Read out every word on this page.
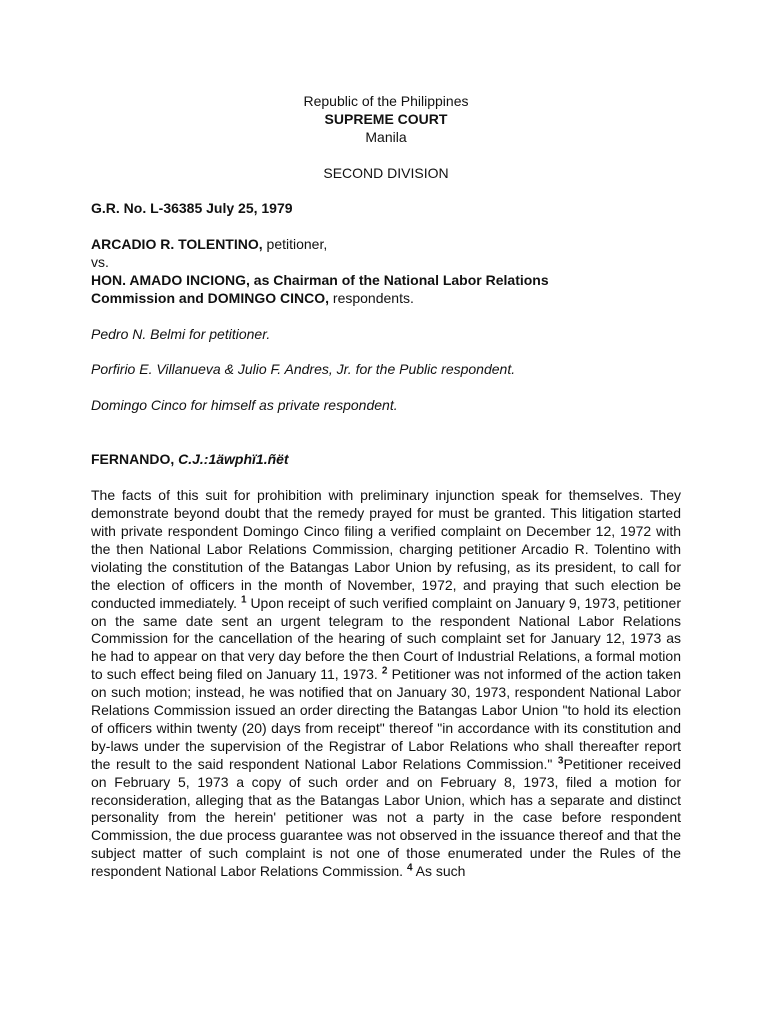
Republic of the Philippines
SUPREME COURT
Manila
SECOND DIVISION
G.R. No. L-36385 July 25, 1979
ARCADIO R. TOLENTINO, petitioner,
vs.
HON. AMADO INCIONG, as Chairman of the National Labor Relations
Commission and DOMINGO CINCO, respondents.
Pedro N. Belmi for petitioner.
Porfirio E. Villanueva & Julio F. Andres, Jr. for the Public respondent.
Domingo Cinco for himself as private respondent.
FERNANDO, C.J.:1äwphï1.ñët

The facts of this suit for prohibition with preliminary injunction speak for themselves. They demonstrate beyond doubt that the remedy prayed for must be granted. This litigation started with private respondent Domingo Cinco filing a verified complaint on December 12, 1972 with the then National Labor Relations Commission, charging petitioner Arcadio R. Tolentino with violating the constitution of the Batangas Labor Union by refusing, as its president, to call for the election of officers in the month of November, 1972, and praying that such election be conducted immediately. $^1$ Upon receipt of such verified complaint on January 9, 1973, petitioner on the same date sent an urgent telegram to the respondent National Labor Relations Commission for the cancellation of the hearing of such complaint set for January 12, 1973 as he had to appear on that very day before the then Court of Industrial Relations, a formal motion to such effect being filed on January 11, 1973. $^2$ Petitioner was not informed of the action taken on such motion; instead, he was notified that on January 30, 1973, respondent National Labor Relations Commission issued an order directing the Batangas Labor Union "to hold its election of officers within twenty (20) days from receipt" thereof "in accordance with its constitution and by-laws under the supervision of the Registrar of Labor Relations who shall thereafter report the result to the said respondent National Labor Relations Commission." $^3$Petitioner received on February 5, 1973 a copy of such order and on February 8, 1973, filed a motion for reconsideration, alleging that as the Batangas Labor Union, which has a separate and distinct personality from the herein' petitioner was not a party in the case before respondent Commission, the due process guarantee was not observed in the issuance thereof and that the subject matter of such complaint is not one of those enumerated under the Rules of the respondent National Labor Relations Commission. $^4$ As such
